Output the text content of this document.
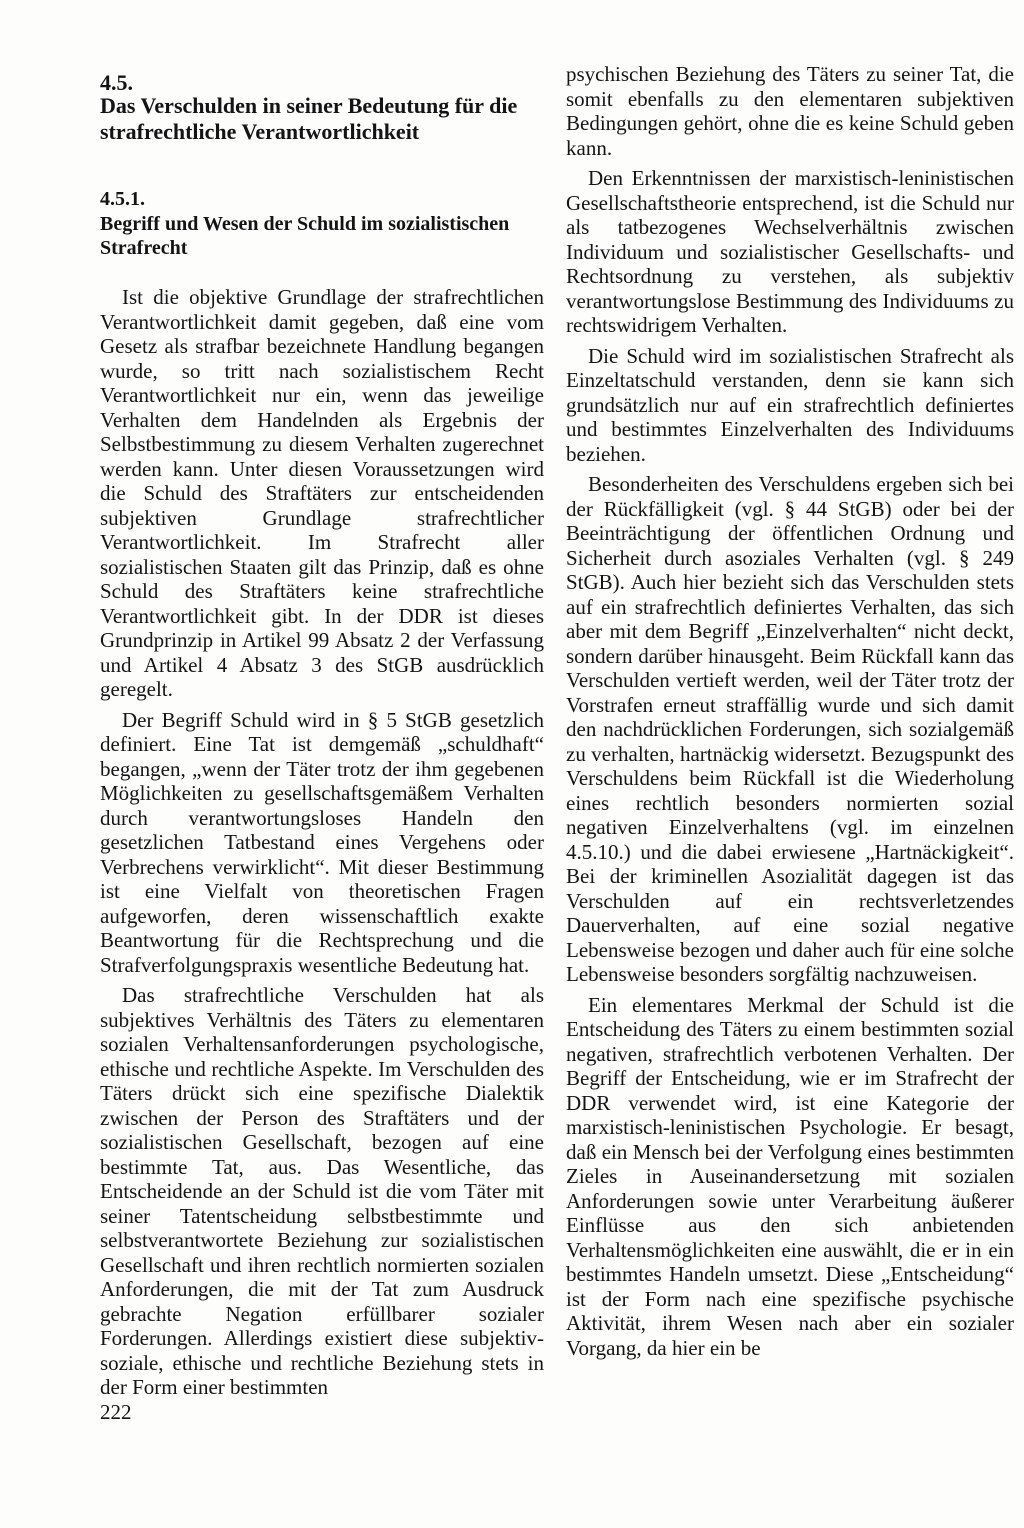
4.5.
Das Verschulden in seiner Bedeutung für die strafrechtliche Verantwortlichkeit
4.5.1.
Begriff und Wesen der Schuld im sozialistischen Strafrecht

Ist die objektive Grundlage der strafrechtlichen Verantwortlichkeit damit gegeben, daß eine vom Gesetz als strafbar bezeichnete Handlung begangen wurde, so tritt nach sozialistischem Recht Verantwortlichkeit nur ein, wenn das jeweilige Verhalten dem Handelnden als Ergebnis der Selbstbestimmung zu diesem Verhalten zugerechnet werden kann. Unter diesen Voraussetzungen wird die Schuld des Straftäters zur entscheidenden subjektiven Grundlage strafrechtlicher Verantwortlichkeit. Im Strafrecht aller sozialistischen Staaten gilt das Prinzip, daß es ohne Schuld des Straftäters keine strafrechtliche Verantwortlichkeit gibt. In der DDR ist dieses Grundprinzip in Artikel 99 Absatz 2 der Verfassung und Artikel 4 Absatz 3 des StGB ausdrücklich geregelt.

Der Begriff Schuld wird in § 5 StGB gesetzlich definiert. Eine Tat ist demgemäß „schuldhaft“ begangen, „wenn der Täter trotz der ihm gegebenen Möglichkeiten zu gesellschaftsgemäßem Verhalten durch verantwortungsloses Handeln den gesetzlichen Tatbestand eines Vergehens oder Verbrechens verwirklicht“. Mit dieser Bestimmung ist eine Vielfalt von theoretischen Fragen aufgeworfen, deren wissenschaftlich exakte Beantwortung für die Rechtsprechung und die Strafverfolgungspraxis wesentliche Bedeutung hat.

Das strafrechtliche Verschulden hat als subjektives Verhältnis des Täters zu elementaren sozialen Verhaltensanforderungen psychologische, ethische und rechtliche Aspekte. Im Verschulden des Täters drückt sich eine spezifische Dialektik zwischen der Person des Straftäters und der sozialistischen Gesellschaft, bezogen auf eine bestimmte Tat, aus. Das Wesentliche, das Entscheidende an der Schuld ist die vom Täter mit seiner Tatentscheidung selbstbestimmte und selbstverantwortete Beziehung zur sozialistischen Gesellschaft und ihren rechtlich normierten sozialen Anforderungen, die mit der Tat zum Ausdruck gebrachte Negation erfüllbarer sozialer Forderungen. Allerdings existiert diese subjektiv-soziale, ethische und rechtliche Beziehung stets in der Form einer bestimmten

psychischen Beziehung des Täters zu seiner Tat, die somit ebenfalls zu den elementaren subjektiven Bedingungen gehört, ohne die es keine Schuld geben kann.

Den Erkenntnissen der marxistisch-leninistischen Gesellschaftstheorie entsprechend, ist die Schuld nur als tatbezogenes Wechselverhältnis zwischen Individuum und sozialistischer Gesellschafts- und Rechtsordnung zu verstehen, als subjektiv verantwortungslose Bestimmung des Individuums zu rechtswidrigem Verhalten.

Die Schuld wird im sozialistischen Strafrecht als Einzeltatschuld verstanden, denn sie kann sich grundsätzlich nur auf ein strafrechtlich definiertes und bestimmtes Einzelverhalten des Individuums beziehen.

Besonderheiten des Verschuldens ergeben sich bei der Rückfälligkeit (vgl. § 44 StGB) oder bei der Beeinträchtigung der öffentlichen Ordnung und Sicherheit durch asoziales Verhalten (vgl. § 249 StGB). Auch hier bezieht sich das Verschulden stets auf ein strafrechtlich definiertes Verhalten, das sich aber mit dem Begriff „Einzelverhalten“ nicht deckt, sondern darüber hinausgeht. Beim Rückfall kann das Verschulden vertieft werden, weil der Täter trotz der Vorstrafen erneut straffällig wurde und sich damit den nachdrücklichen Forderungen, sich sozialgemäß zu verhalten, hartnäckig widersetzt. Bezugspunkt des Verschuldens beim Rückfall ist die Wiederholung eines rechtlich besonders normierten sozial negativen Einzelverhaltens (vgl. im einzelnen 4.5.10.) und die dabei erwiesene „Hartnäckigkeit“. Bei der kriminellen Asozialität dagegen ist das Verschulden auf ein rechtsverletzendes Dauerverhalten, auf eine sozial negative Lebensweise bezogen und daher auch für eine solche Lebensweise besonders sorgfältig nachzuweisen.

Ein elementares Merkmal der Schuld ist die Entscheidung des Täters zu einem bestimmten sozial negativen, strafrechtlich verbotenen Verhalten. Der Begriff der Entscheidung, wie er im Strafrecht der DDR verwendet wird, ist eine Kategorie der marxistisch-leninistischen Psychologie. Er besagt, daß ein Mensch bei der Verfolgung eines bestimmten Zieles in Auseinandersetzung mit sozialen Anforderungen sowie unter Verarbeitung äußerer Einflüsse aus den sich anbietenden Verhaltensmöglichkeiten eine auswählt, die er in ein bestimmtes Handeln umsetzt. Diese „Entscheidung“ ist der Form nach eine spezifische psychische Aktivität, ihrem Wesen nach aber ein sozialer Vorgang, da hier ein be

222
